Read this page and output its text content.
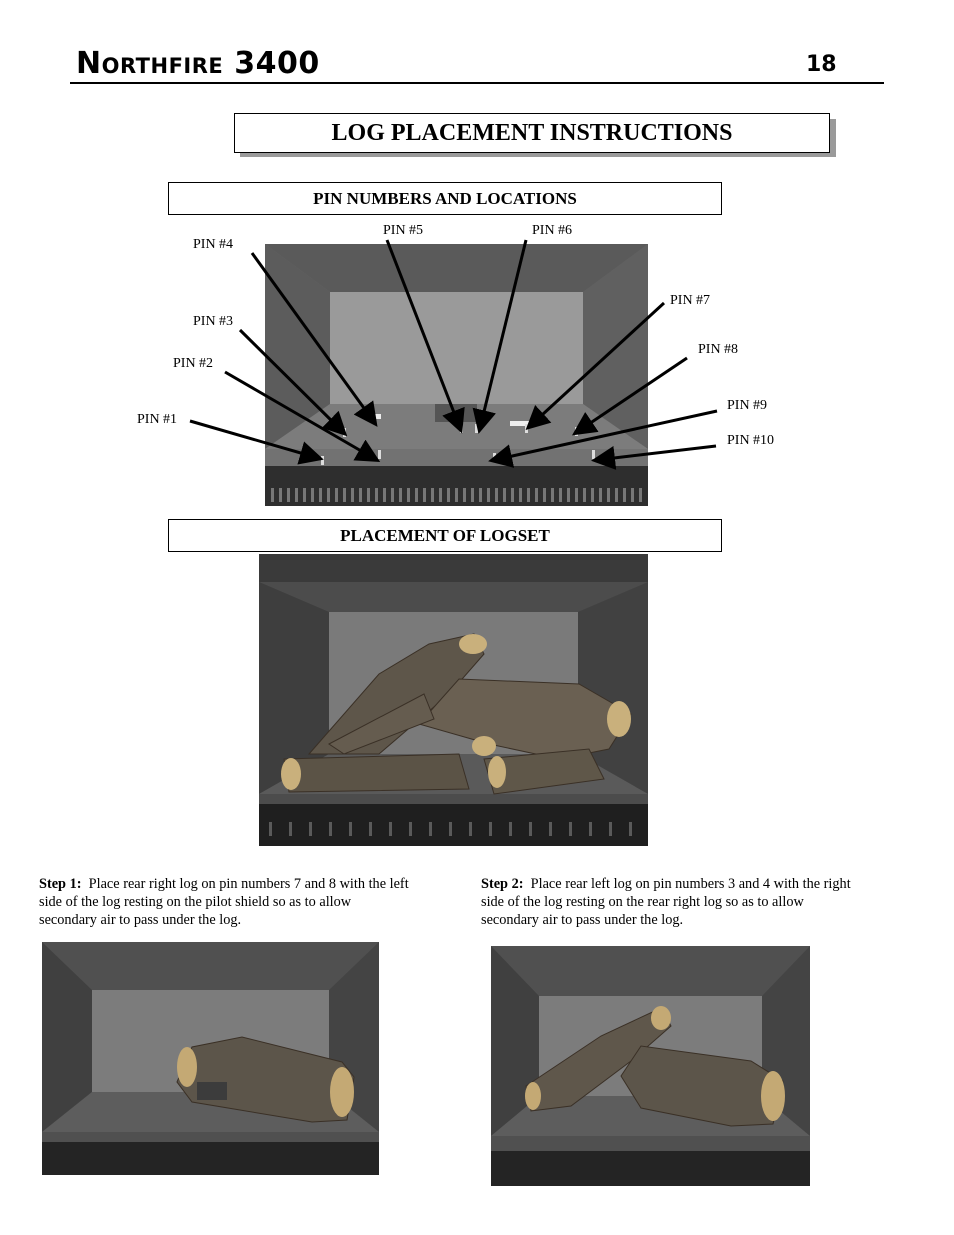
Northfire 3400	18
LOG PLACEMENT INSTRUCTIONS
PIN NUMBERS AND LOCATIONS
PIN #1
PIN #2
PIN #3
PIN #4
PIN #5	PIN #6
PIN #7
PIN #8
PIN #9
PIN #10
PLACEMENT OF LOGSET
Step 1: Place rear right log on pin numbers 7 and 8 with the left side of the log resting on the pilot shield so as to allow secondary air to pass under the log.
Step 2: Place rear left log on pin numbers 3 and 4 with the right side of the log resting on the rear right log so as to allow secondary air to pass under the log.
